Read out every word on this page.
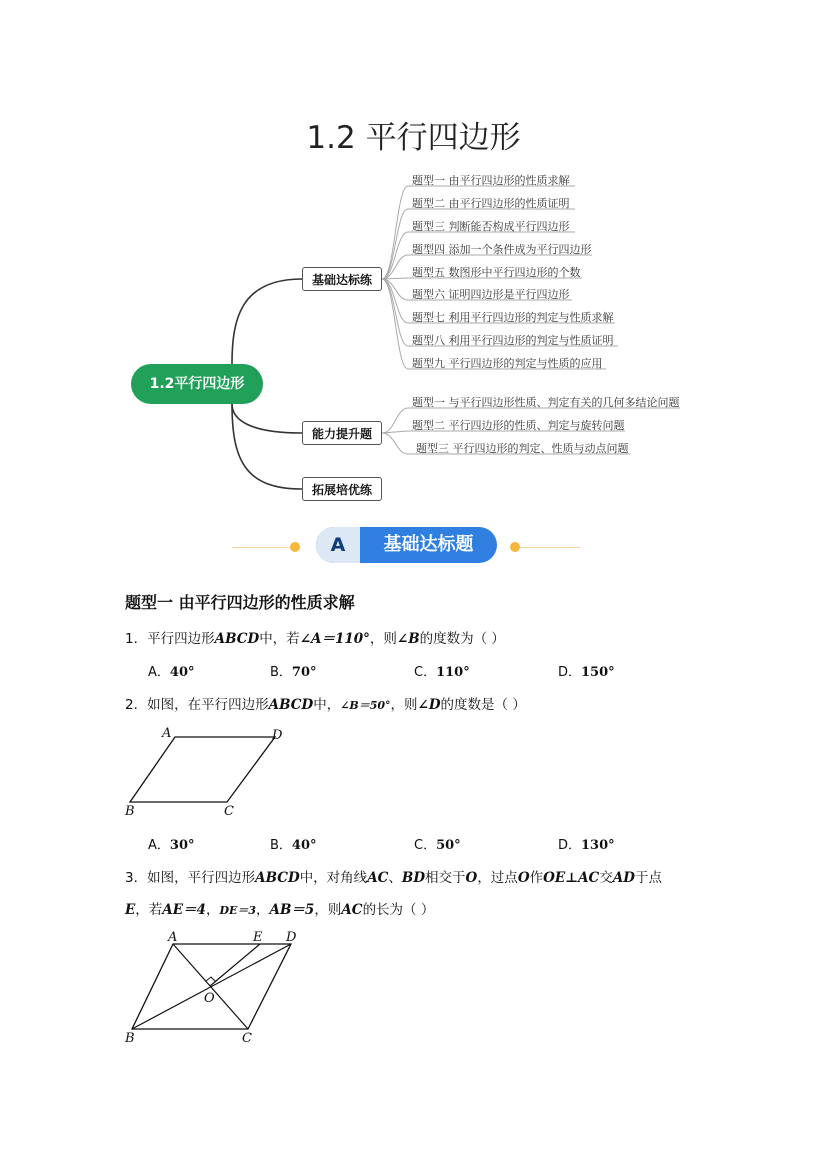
1.2 平行四边形
1.2平行四边形
基础达标练
能力提升题
拓展培优练
题型一 由平行四边形的性质求解
题型二 由平行四边形的性质证明
题型三 判断能否构成平行四边形
题型四 添加一个条件成为平行四边形
题型五 数图形中平行四边形的个数
题型六 证明四边形是平行四边形
题型七 利用平行四边形的判定与性质求解
题型八 利用平行四边形的判定与性质证明
题型九 平行四边形的判定与性质的应用
题型一 与平行四边形性质、判定有关的几何多结论问题
题型二 平行四边形的性质、判定与旋转问题
题型三 平行四边形的判定、性质与动点问题
A	基础达标题
题型一 由平行四边形的性质求解
1．平行四边形ABCD中，若∠A＝110°，则∠B的度数为（ ）
A．40°	B．70°	C．110°	D．150°
2．如图，在平行四边形ABCD中，∠B＝50°，则∠D的度数是（ ）
A	D
B	C
A．30°	B．40°	C．50°	D．130°
3．如图，平行四边形ABCD中，对角线AC、BD相交于O，过点O作OE⊥AC交AD于点
E，若AE＝4，DE＝3，AB＝5，则AC的长为（ ）
A	E D
O
B	C
